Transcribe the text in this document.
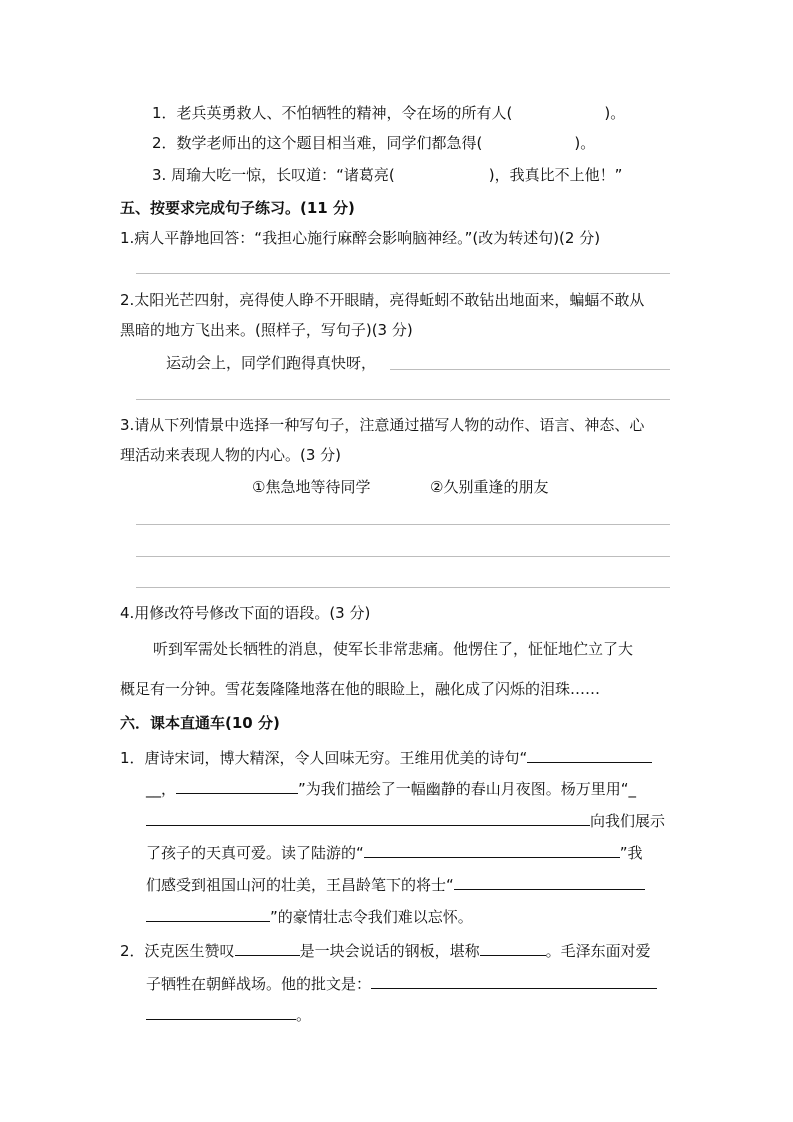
1．老兵英勇救人、不怕牺牲的精神，令在场的所有人(	)。
2．数学老师出的这个题目相当难，同学们都急得(	)。
3. 周瑜大吃一惊，长叹道：“诸葛亮(	)，我真比不上他！”
五、按要求完成句子练习。(11 分)
1.病人平静地回答：“我担心施行麻醉会影响脑神经。”(改为转述句)(2 分)
2.太阳光芒四射，亮得使人睁不开眼睛，亮得蚯蚓不敢钻出地面来，蝙蝠不敢从
黑暗的地方飞出来。(照样子，写句子)(3 分)
运动会上，同学们跑得真快呀，
3.请从下列情景中选择一种写句子，注意通过描写人物的动作、语言、神态、心
理活动来表现人物的内心。(3 分)
①焦急地等待同学	②久别重逢的朋友
4.用修改符号修改下面的语段。(3 分)
听到军需处长牺牲的消息，使军长非常悲痛。他愣住了，怔怔地伫立了大
概足有一分钟。雪花轰隆隆地落在他的眼睑上，融化成了闪烁的泪珠……
六．课本直通车(10 分)
1．唐诗宋词，博大精深，令人回味无穷。王维用优美的诗句“
__，	”为我们描绘了一幅幽静的春山月夜图。杨万里用“_
向我们展示
了孩子的天真可爱。读了陆游的“	”我
们感受到祖国山河的壮美，王昌龄笔下的将士“
”的豪情壮志令我们难以忘怀。
2．沃克医生赞叹	是一块会说话的钢板，堪称	。毛泽东面对爱
子牺牲在朝鲜战场。他的批文是：
。
